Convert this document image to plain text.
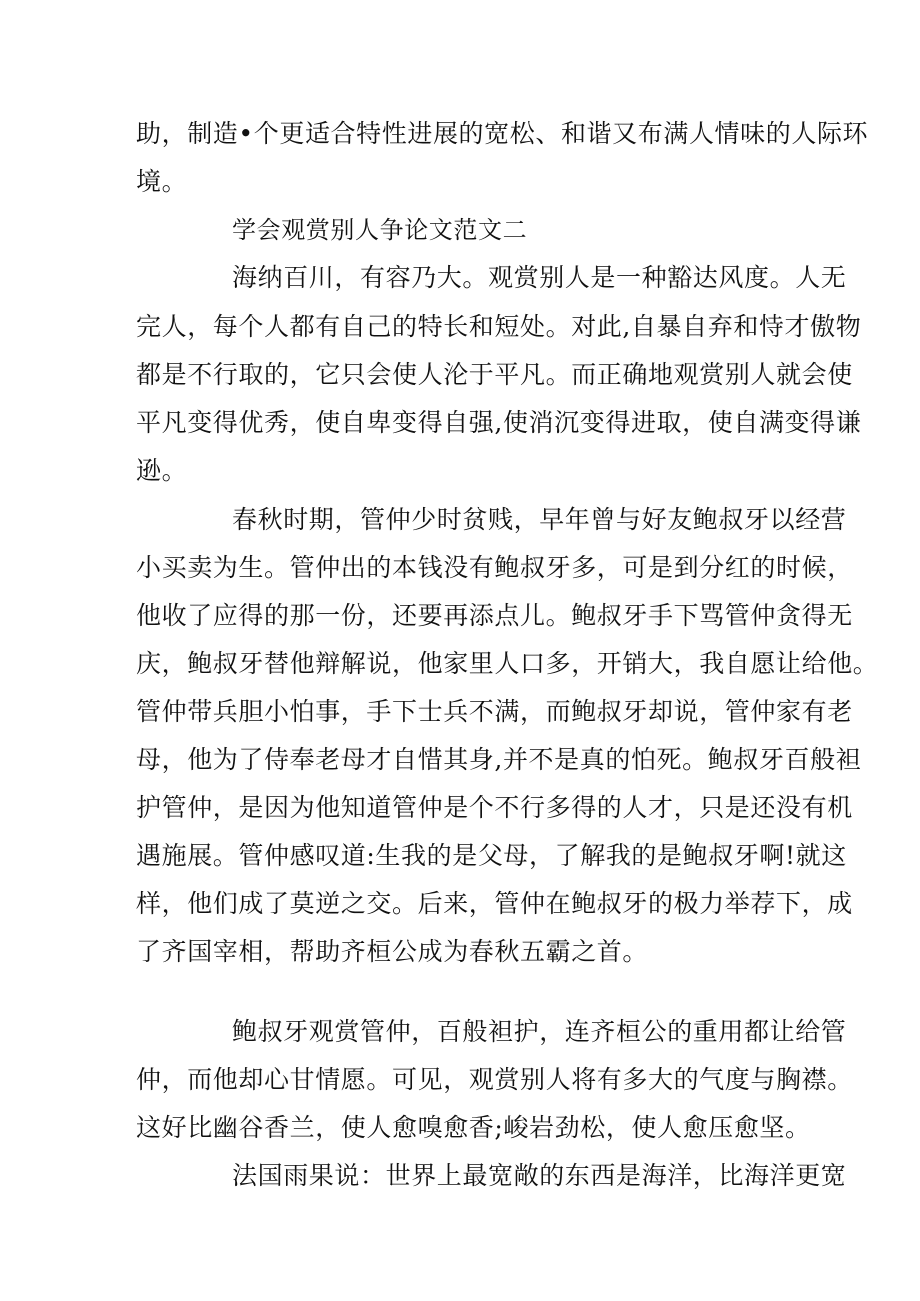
助，制造•个更适合特性进展的宽松、和谐又布满人情味的人际环
境。
学会观赏别人争论文范文二
海纳百川，有容乃大。观赏别人是一种豁达风度。人无
完人，每个人都有自己的特长和短处。对此,自暴自弃和恃才傲物
都是不行取的，它只会使人沦于平凡。而正确地观赏别人就会使
平凡变得优秀，使自卑变得自强,使消沉变得进取，使自满变得谦
逊。
春秋时期，管仲少时贫贱，早年曾与好友鲍叔牙以经营
小买卖为生。管仲出的本钱没有鲍叔牙多，可是到分红的时候，
他收了应得的那一份，还要再添点儿。鲍叔牙手下骂管仲贪得无
庆，鲍叔牙替他辩解说，他家里人口多，开销大，我自愿让给他。
管仲带兵胆小怕事，手下士兵不满，而鲍叔牙却说，管仲家有老
母，他为了侍奉老母才自惜其身,并不是真的怕死。鲍叔牙百般袒
护管仲，是因为他知道管仲是个不行多得的人才，只是还没有机
遇施展。管仲感叹道:生我的是父母，了解我的是鲍叔牙啊!就这
样，他们成了莫逆之交。后来，管仲在鲍叔牙的极力举荐下，成
了齐国宰相，帮助齐桓公成为春秋五霸之首。
鲍叔牙观赏管仲，百般袒护，连齐桓公的重用都让给管
仲，而他却心甘情愿。可见，观赏别人将有多大的气度与胸襟。
这好比幽谷香兰，使人愈嗅愈香;峻岩劲松，使人愈压愈坚。
法国雨果说：世界上最宽敞的东西是海洋，比海洋更宽
